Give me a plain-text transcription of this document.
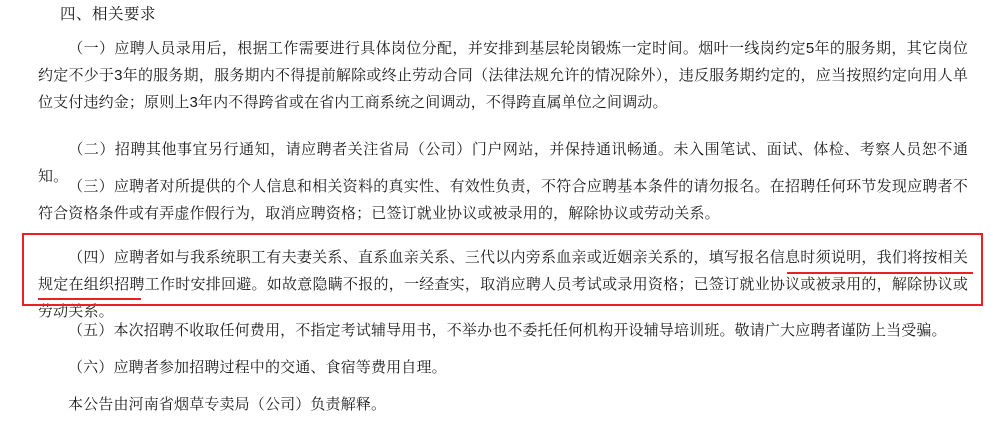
四、相关要求
（一）应聘人员录用后，根据工作需要进行具体岗位分配，并安排到基层轮岗锻炼一定时间。烟叶一线岗约定5年的服务期，其它岗位约定不少于3年的服务期，服务期内不得提前解除或终止劳动合同（法律法规允许的情况除外），违反服务期约定的，应当按照约定向用人单位支付违约金；原则上3年内不得跨省或在省内工商系统之间调动，不得跨直属单位之间调动。
（二）招聘其他事宜另行通知，请应聘者关注省局（公司）门户网站，并保持通讯畅通。未入围笔试、面试、体检、考察人员恕不通知。
（三）应聘者对所提供的个人信息和相关资料的真实性、有效性负责，不符合应聘基本条件的请勿报名。在招聘任何环节发现应聘者不符合资格条件或有弄虚作假行为，取消应聘资格；已签订就业协议或被录用的，解除协议或劳动关系。
（四）应聘者如与我系统职工有夫妻关系、直系血亲关系、三代以内旁系血亲或近姻亲关系的，填写报名信息时须说明，我们将按相关规定在组织招聘工作时安排回避。如故意隐瞒不报的，一经查实，取消应聘人员考试或录用资格；已签订就业协议或被录用的，解除协议或劳动关系。
（五）本次招聘不收取任何费用，不指定考试辅导用书，不举办也不委托任何机构开设辅导培训班。敬请广大应聘者谨防上当受骗。
（六）应聘者参加招聘过程中的交通、食宿等费用自理。
本公告由河南省烟草专卖局（公司）负责解释。
